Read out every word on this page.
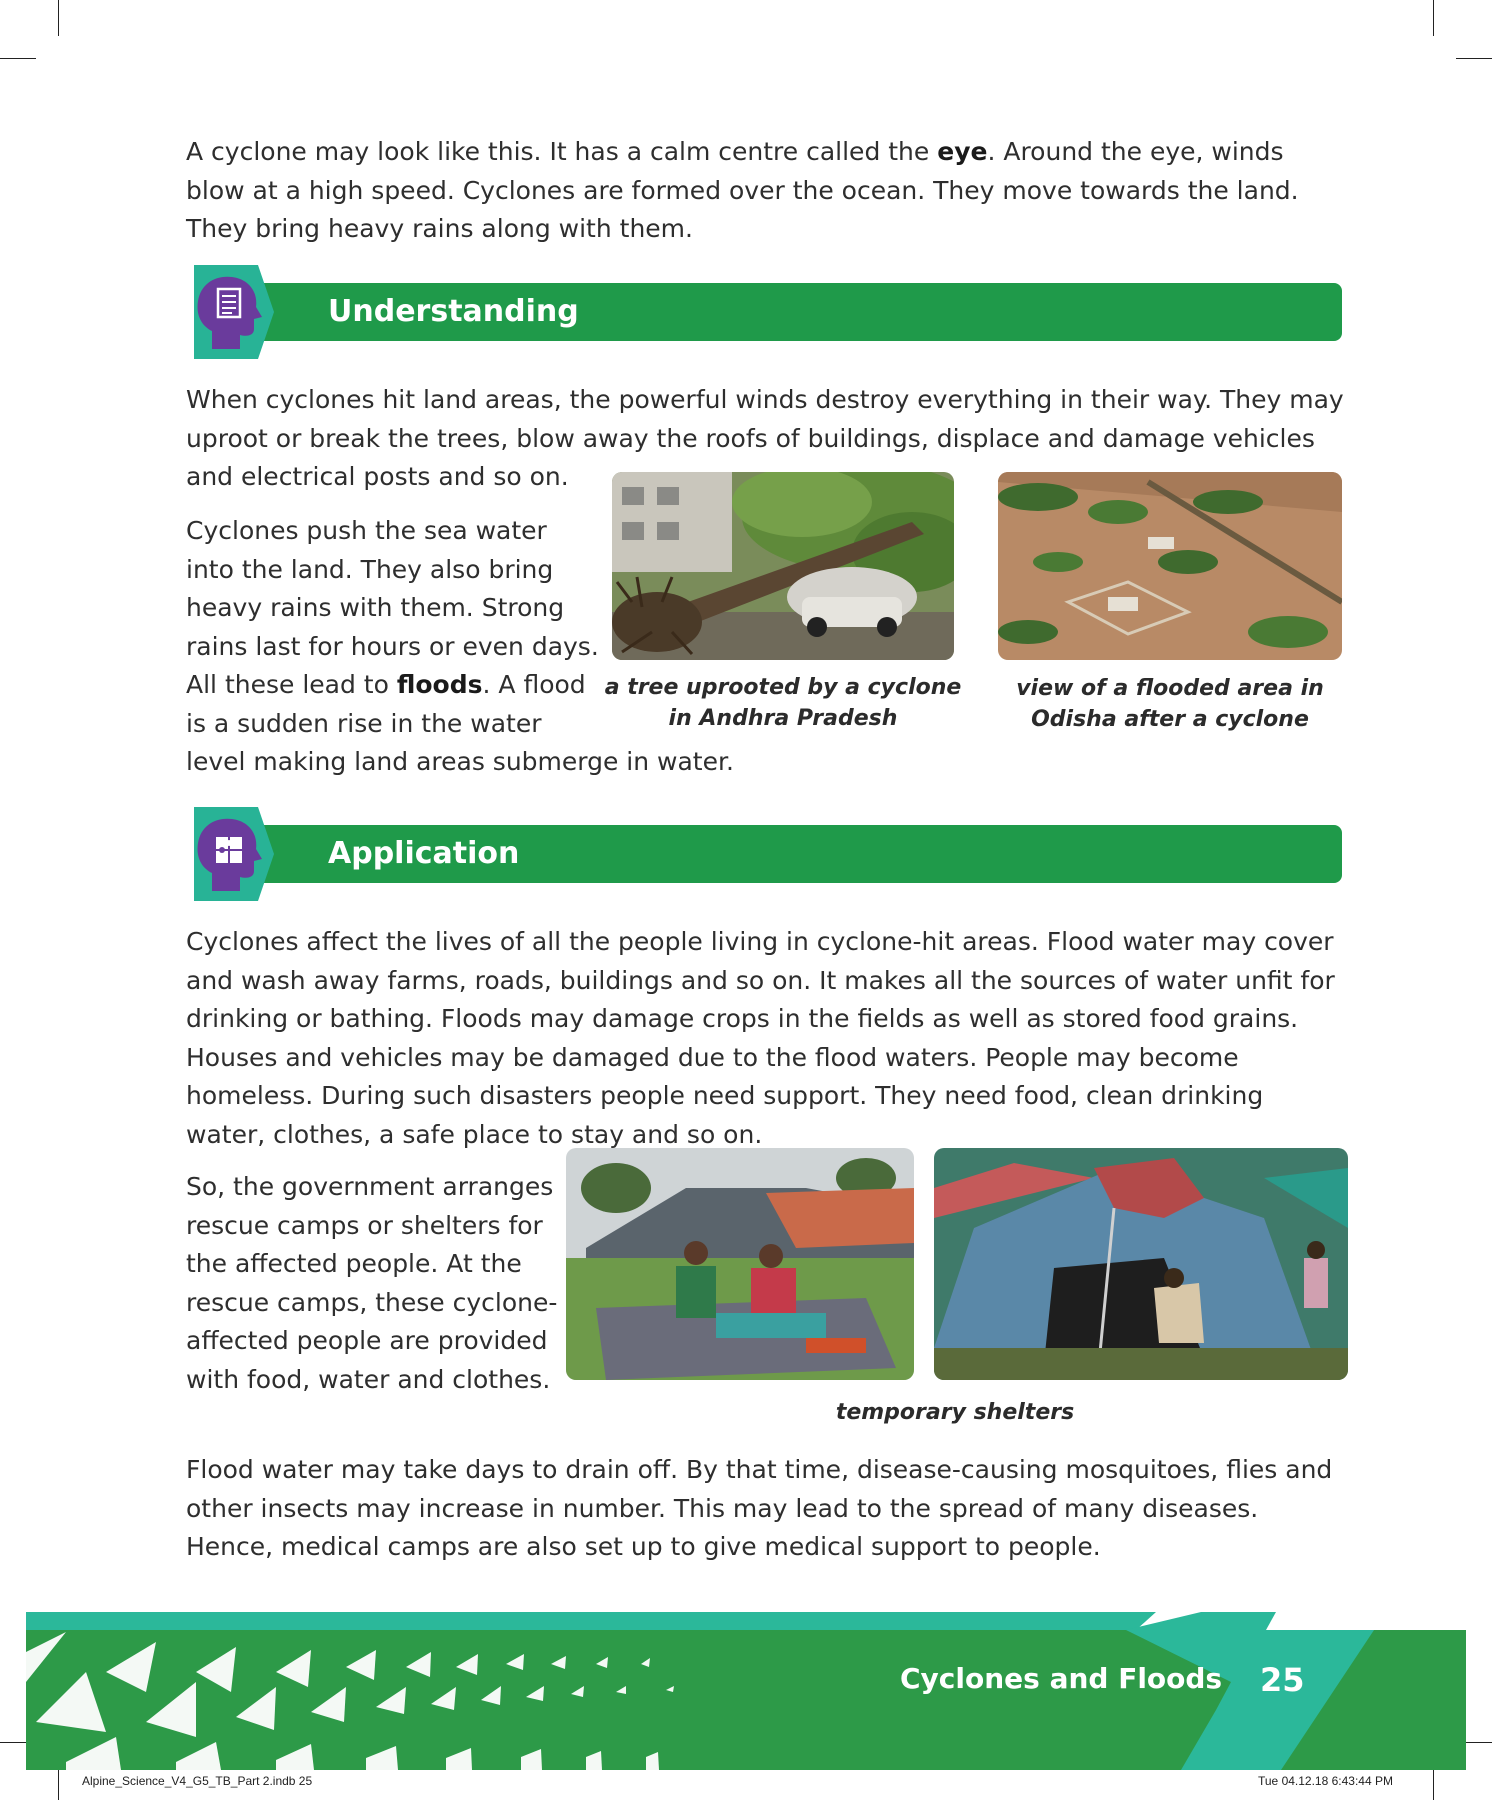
A cyclone may look like this. It has a calm centre called the eye. Around the eye, winds blow at a high speed. Cyclones are formed over the ocean. They move towards the land. They bring heavy rains along with them.

Understanding

When cyclones hit land areas, the powerful winds destroy everything in their way. They may uproot or break the trees, blow away the roofs of buildings, displace and damage vehicles and electrical posts and so on.

Cyclones push the sea water into the land. They also bring heavy rains with them. Strong rains last for hours or even days. All these lead to floods. A flood is a sudden rise in the water

level making land areas submerge in water.

a tree uprooted by a cyclone
in Andhra Pradesh
view of a flooded area in
Odisha after a cyclone
Application

Cyclones affect the lives of all the people living in cyclone-hit areas. Flood water may cover and wash away farms, roads, buildings and so on. It makes all the sources of water unfit for drinking or bathing. Floods may damage crops in the fields as well as stored food grains. Houses and vehicles may be damaged due to the flood waters. People may become homeless. During such disasters people need support. They need food, clean drinking water, clothes, a safe place to stay and so on.

So, the government arranges rescue camps or shelters for the affected people. At the rescue camps, these cyclone-affected people are provided with food, water and clothes.

temporary shelters

Flood water may take days to drain off. By that time, disease-causing mosquitoes, flies and other insects may increase in number. This may lead to the spread of many diseases. Hence, medical camps are also set up to give medical support to people.

Cyclones and Floods 25
Alpine_Science_V4_G5_TB_Part 2.indb 25	Tue 04.12.18 6:43:44 PM
